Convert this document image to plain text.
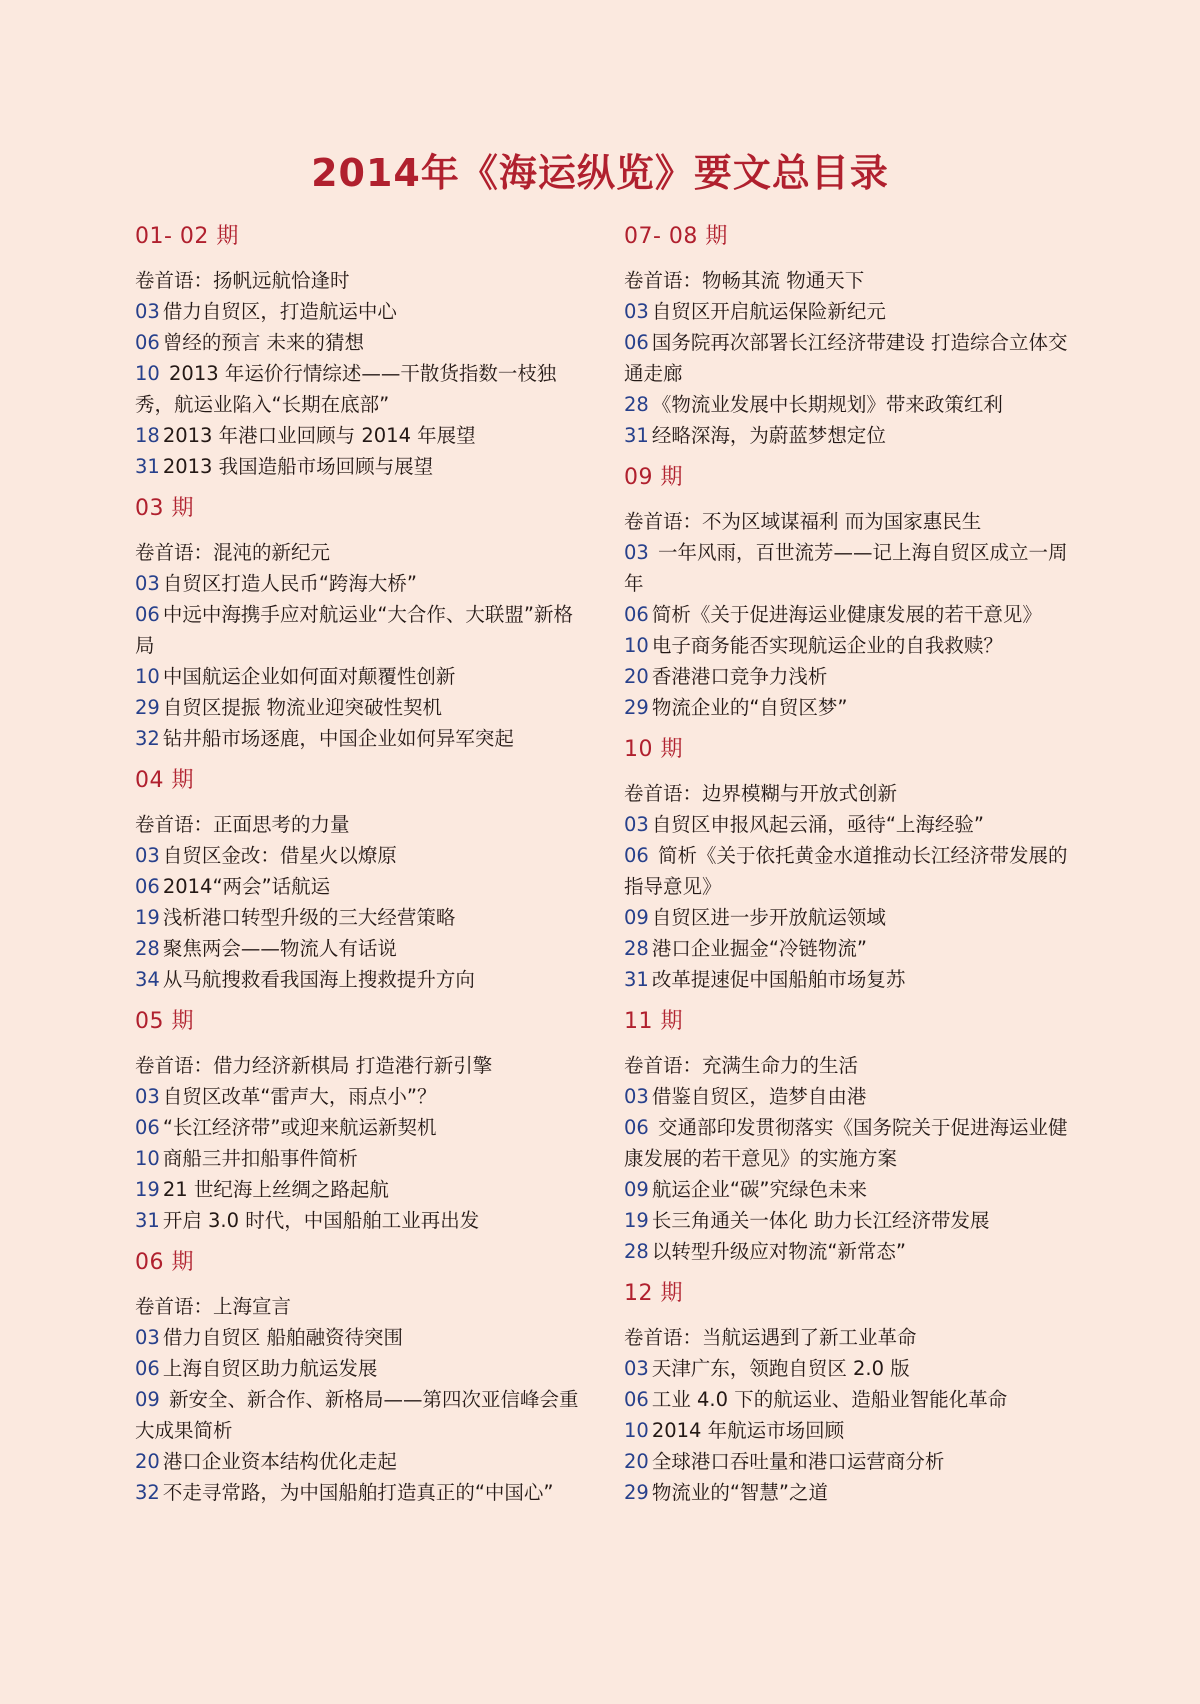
2014年《海运纵览》要文总目录
01- 02 期

卷首语：扬帆远航恰逢时

03 借力自贸区，打造航运中心

06 曾经的预言 未来的猜想

10 2013 年运价行情综述——干散货指数一枝独秀，航运业陷入“长期在底部”

18 2013 年港口业回顾与 2014 年展望

31 2013 我国造船市场回顾与展望

03 期

卷首语：混沌的新纪元

03 自贸区打造人民币“跨海大桥”

06 中远中海携手应对航运业“大合作、大联盟”新格局

10 中国航运企业如何面对颠覆性创新

29 自贸区提振 物流业迎突破性契机

32 钻井船市场逐鹿，中国企业如何异军突起

04 期

卷首语：正面思考的力量

03 自贸区金改：借星火以燎原

06 2014“两会”话航运

19 浅析港口转型升级的三大经营策略

28 聚焦两会——物流人有话说

34 从马航搜救看我国海上搜救提升方向

05 期

卷首语：借力经济新棋局 打造港行新引擎

03 自贸区改革“雷声大，雨点小”？

06 “长江经济带”或迎来航运新契机

10 商船三井扣船事件简析

19 21 世纪海上丝绸之路起航

31 开启 3.0 时代，中国船舶工业再出发

06 期

卷首语：上海宣言

03 借力自贸区 船舶融资待突围

06 上海自贸区助力航运发展

09 新安全、新合作、新格局——第四次亚信峰会重大成果简析

20 港口企业资本结构优化走起

32 不走寻常路，为中国船舶打造真正的“中国心”

07- 08 期

卷首语：物畅其流 物通天下

03 自贸区开启航运保险新纪元

06 国务院再次部署长江经济带建设 打造综合立体交通走廊

28 《物流业发展中长期规划》带来政策红利

31 经略深海，为蔚蓝梦想定位

09 期

卷首语：不为区域谋福利 而为国家惠民生

03 一年风雨，百世流芳——记上海自贸区成立一周年

06 简析《关于促进海运业健康发展的若干意见》

10 电子商务能否实现航运企业的自我救赎？

20 香港港口竞争力浅析

29 物流企业的“自贸区梦”

10 期

卷首语：边界模糊与开放式创新

03 自贸区申报风起云涌，亟待“上海经验”

06 简析《关于依托黄金水道推动长江经济带发展的指导意见》

09 自贸区进一步开放航运领域

28 港口企业掘金“冷链物流”

31 改革提速促中国船舶市场复苏

11 期

卷首语：充满生命力的生活

03 借鉴自贸区，造梦自由港

06 交通部印发贯彻落实《国务院关于促进海运业健康发展的若干意见》的实施方案

09 航运企业“碳”究绿色未来

19 长三角通关一体化 助力长江经济带发展

28 以转型升级应对物流“新常态”

12 期

卷首语：当航运遇到了新工业革命

03 天津广东，领跑自贸区 2.0 版

06 工业 4.0 下的航运业、造船业智能化革命

10 2014 年航运市场回顾

20 全球港口吞吐量和港口运营商分析

29 物流业的“智慧”之道
